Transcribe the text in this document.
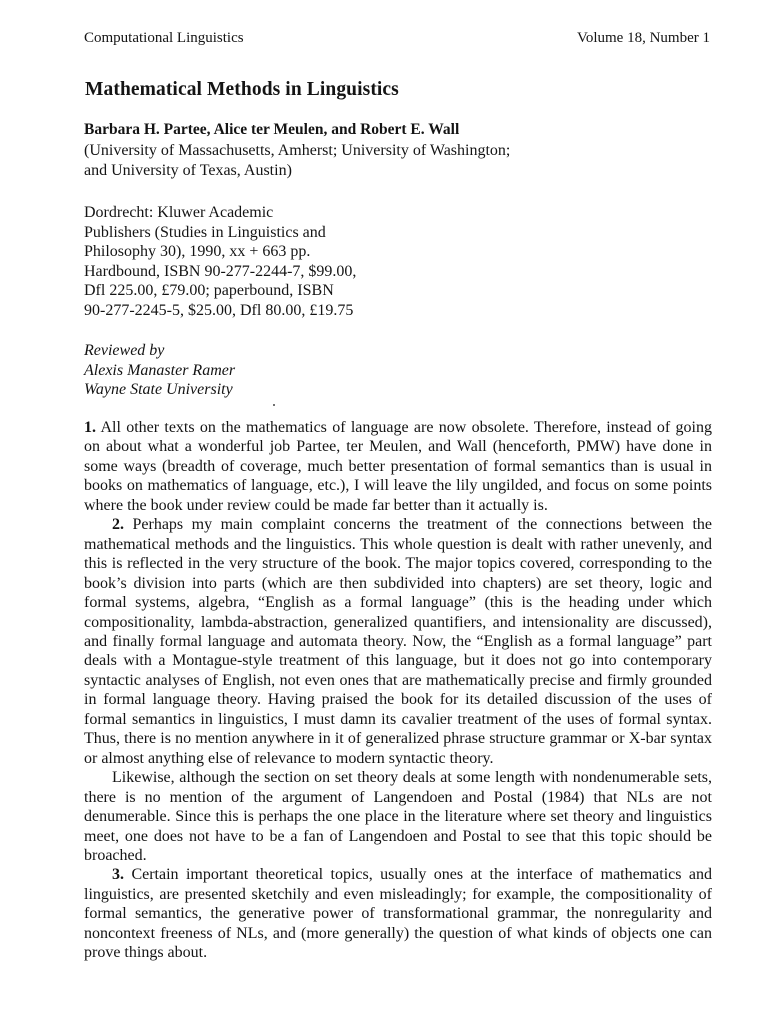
Computational Linguistics	Volume 18, Number 1
Mathematical Methods in Linguistics
Barbara H. Partee, Alice ter Meulen, and Robert E. Wall
(University of Massachusetts, Amherst; University of Washington;
and University of Texas, Austin)
Dordrecht: Kluwer Academic
Publishers (Studies in Linguistics and
Philosophy 30), 1990, xx + 663 pp.
Hardbound, ISBN 90-277-2244-7, $99.00,
Dfl 225.00, £79.00; paperbound, ISBN
90-277-2245-5, $25.00, Dfl 80.00, £19.75
Reviewed by
Alexis Manaster Ramer
Wayne State University

1. All other texts on the mathematics of language are now obsolete. Therefore, instead of going on about what a wonderful job Partee, ter Meulen, and Wall (henceforth, PMW) have done in some ways (breadth of coverage, much better presentation of formal semantics than is usual in books on mathematics of language, etc.), I will leave the lily ungilded, and focus on some points where the book under review could be made far better than it actually is.

2. Perhaps my main complaint concerns the treatment of the connections between the mathematical methods and the linguistics. This whole question is dealt with rather unevenly, and this is reflected in the very structure of the book. The major topics covered, corresponding to the book’s division into parts (which are then subdivided into chapters) are set theory, logic and formal systems, algebra, “English as a formal language” (this is the heading under which compositionality, lambda-abstraction, generalized quantifiers, and intensionality are discussed), and finally formal language and automata theory. Now, the “English as a formal language” part deals with a Montague-style treatment of this language, but it does not go into contemporary syntactic analyses of English, not even ones that are mathematically precise and firmly grounded in formal language theory. Having praised the book for its detailed discussion of the uses of formal semantics in linguistics, I must damn its cavalier treatment of the uses of formal syntax. Thus, there is no mention anywhere in it of generalized phrase structure grammar or X-bar syntax or almost anything else of relevance to modern syntactic theory.

Likewise, although the section on set theory deals at some length with nondenumerable sets, there is no mention of the argument of Langendoen and Postal (1984) that NLs are not denumerable. Since this is perhaps the one place in the literature where set theory and linguistics meet, one does not have to be a fan of Langendoen and Postal to see that this topic should be broached.

3. Certain important theoretical topics, usually ones at the interface of mathematics and linguistics, are presented sketchily and even misleadingly; for example, the compositionality of formal semantics, the generative power of transformational grammar, the nonregularity and noncontext freeness of NLs, and (more generally) the question of what kinds of objects one can prove things about.
